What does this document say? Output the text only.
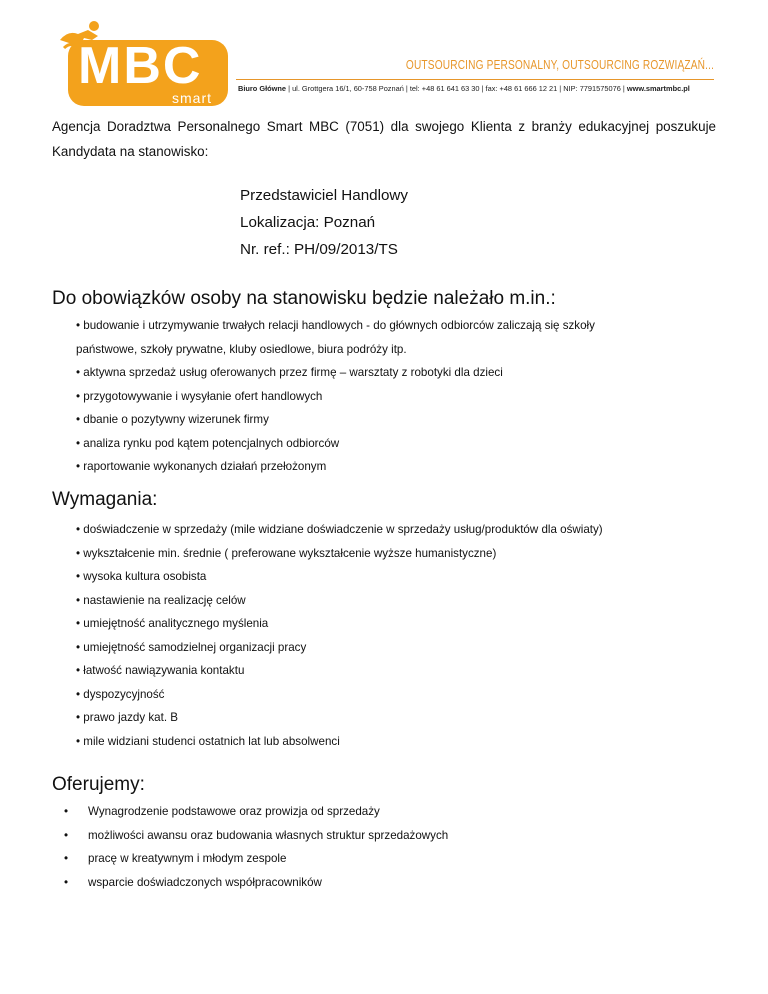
MBC
smart
OUTSOURCING PERSONALNY, OUTSOURCING ROZWIĄZAŃ...
Biuro Główne | ul. Grottgera 16/1, 60-758 Poznań | tel: +48 61 641 63 30 | fax: +48 61 666 12 21 | NIP: 7791575076 | www.smartmbc.pl

Agencja Doradztwa Personalnego Smart MBC (7051) dla swojego Klienta z branży edukacyjnej poszukuje Kandydata na stanowisko:

Przedstawiciel Handlowy
Lokalizacja: Poznań
Nr. ref.: PH/09/2013/TS
Do obowiązków osoby na stanowisku będzie należało m.in.:
• budowanie i utrzymywanie trwałych relacji handlowych - do głównych odbiorców zaliczają się szkoły
państwowe, szkoły prywatne, kluby osiedlowe, biura podróży itp.
• aktywna sprzedaż usług oferowanych przez firmę – warsztaty z robotyki dla dzieci
• przygotowywanie i wysyłanie ofert handlowych
• dbanie o pozytywny wizerunek firmy
• analiza rynku pod kątem potencjalnych odbiorców
• raportowanie wykonanych działań przełożonym
Wymagania:
• doświadczenie w sprzedaży (mile widziane doświadczenie w sprzedaży usług/produktów dla oświaty)
• wykształcenie min. średnie ( preferowane wykształcenie wyższe humanistyczne)
• wysoka kultura osobista
• nastawienie na realizację celów
• umiejętność analitycznego myślenia
• umiejętność samodzielnej organizacji pracy
• łatwość nawiązywania kontaktu
• dyspozycyjność
• prawo jazdy kat. B
• mile widziani studenci ostatnich lat lub absolwenci
Oferujemy:
•	Wynagrodzenie podstawowe oraz prowizja od sprzedaży
•	możliwości awansu oraz budowania własnych struktur sprzedażowych
•	pracę w kreatywnym i młodym zespole
•	wsparcie doświadczonych współpracowników
